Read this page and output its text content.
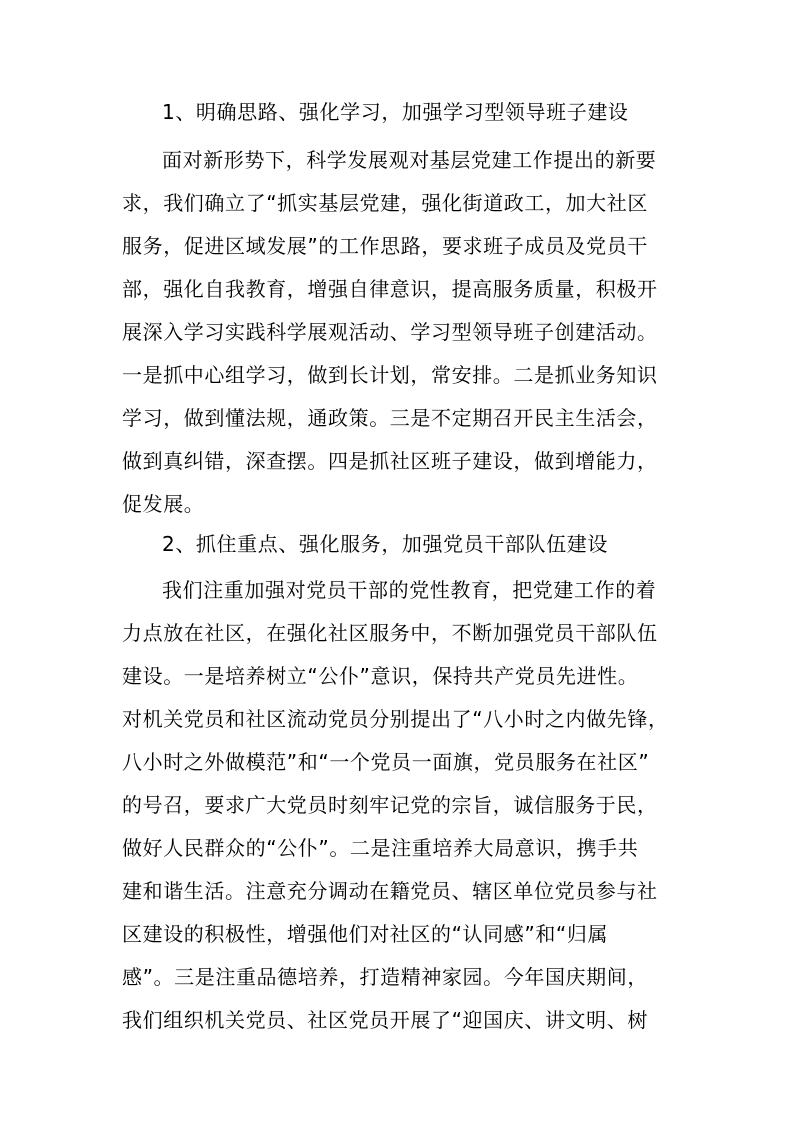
1、明确思路、强化学习，加强学习型领导班子建设
面对新形势下，科学发展观对基层党建工作提出的新要
求，我们确立了“抓实基层党建，强化街道政工，加大社区
服务，促进区域发展”的工作思路，要求班子成员及党员干
部，强化自我教育，增强自律意识，提高服务质量，积极开
展深入学习实践科学展观活动、学习型领导班子创建活动。
一是抓中心组学习，做到长计划，常安排。二是抓业务知识
学习，做到懂法规，通政策。三是不定期召开民主生活会，
做到真纠错，深查摆。四是抓社区班子建设，做到增能力，
促发展。
2、抓住重点、强化服务，加强党员干部队伍建设
我们注重加强对党员干部的党性教育，把党建工作的着
力点放在社区，在强化社区服务中，不断加强党员干部队伍
建设。一是培养树立“公仆”意识，保持共产党员先进性。
对机关党员和社区流动党员分别提出了“八小时之内做先锋，
八小时之外做模范”和“一个党员一面旗，党员服务在社区”
的号召，要求广大党员时刻牢记党的宗旨，诚信服务于民，
做好人民群众的“公仆”。二是注重培养大局意识，携手共
建和谐生活。注意充分调动在籍党员、辖区单位党员参与社
区建设的积极性，增强他们对社区的“认同感”和“归属
感”。三是注重品德培养，打造精神家园。今年国庆期间，
我们组织机关党员、社区党员开展了“迎国庆、讲文明、树
